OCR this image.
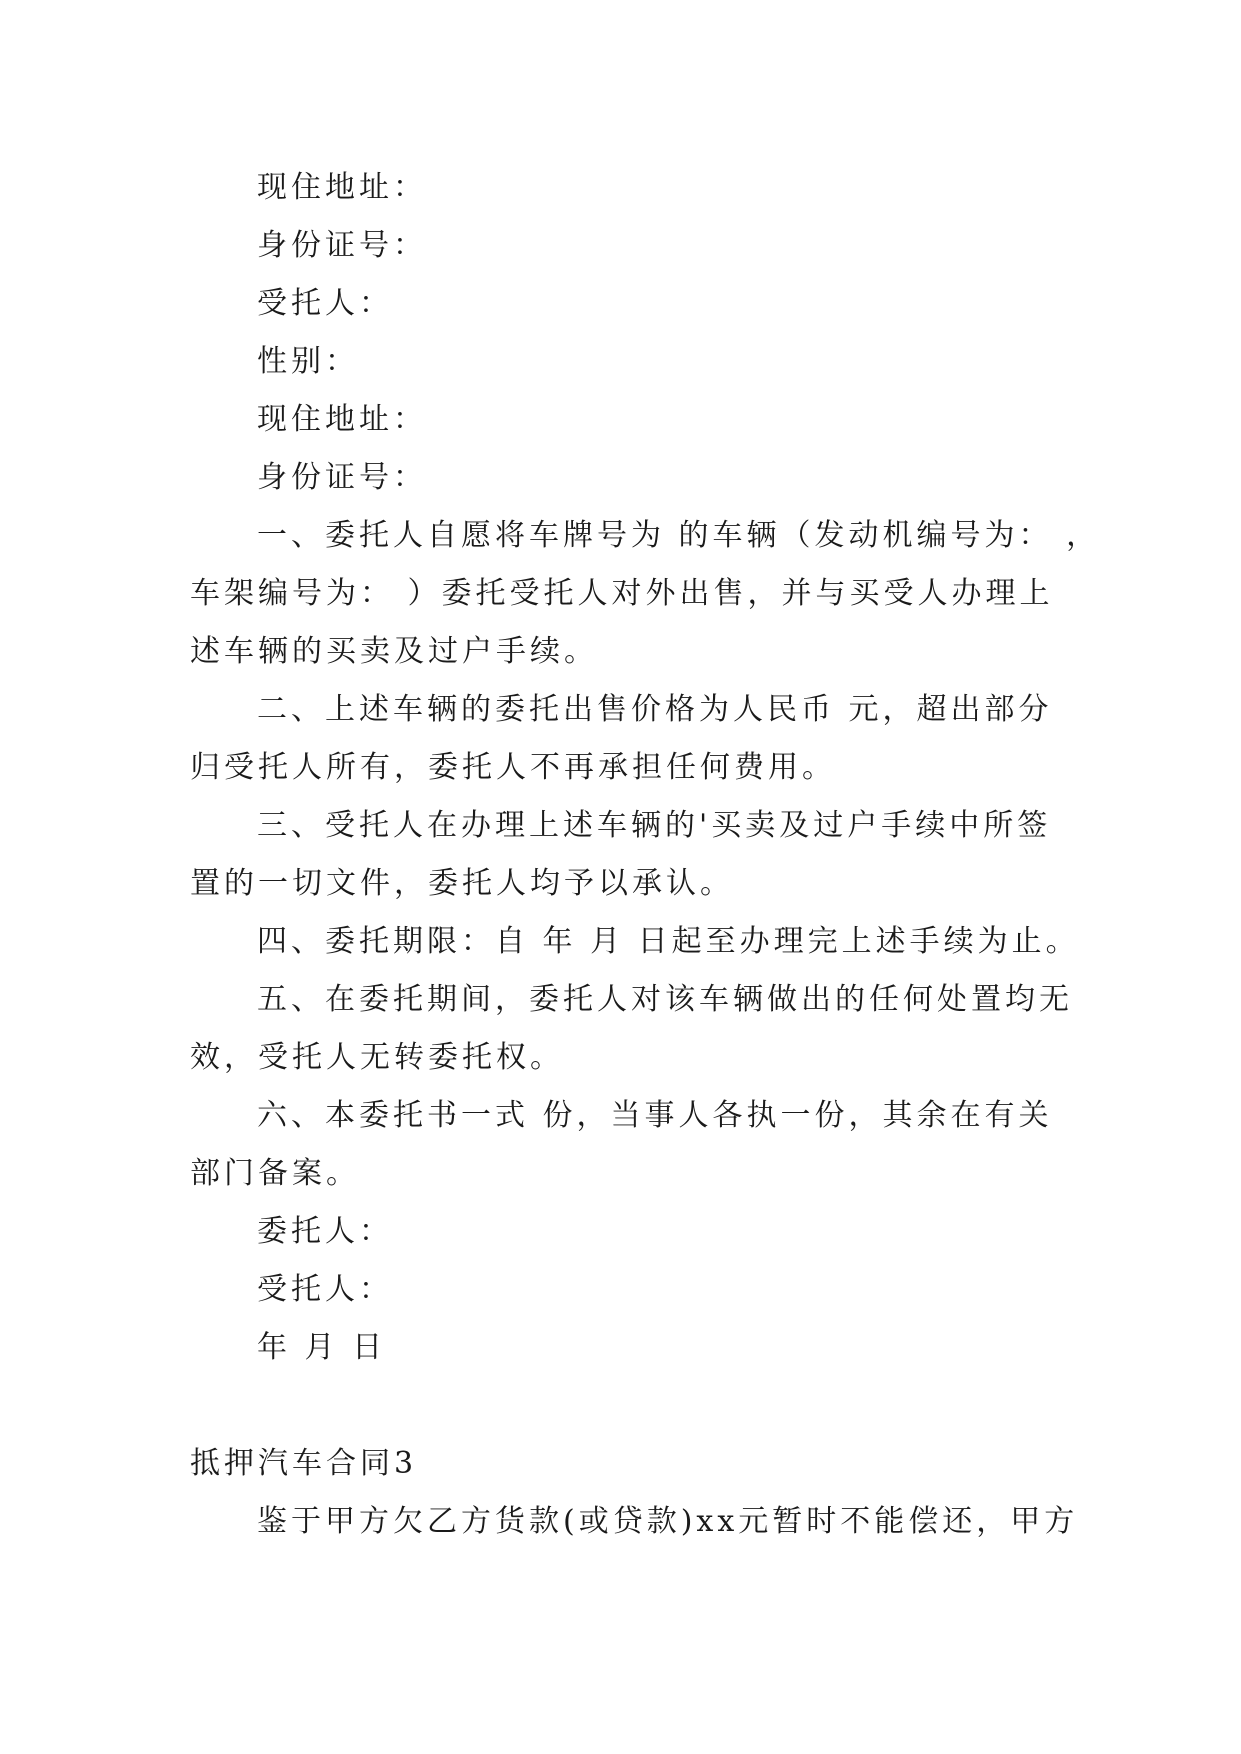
现住地址：
身份证号：
受托人：
性别：
现住地址：
身份证号：
一、委托人自愿将车牌号为 的车辆（发动机编号为： ，
车架编号为： ）委托受托人对外出售，并与买受人办理上
述车辆的买卖及过户手续。
二、上述车辆的委托出售价格为人民币 元，超出部分
归受托人所有，委托人不再承担任何费用。
三、受托人在办理上述车辆的'买卖及过户手续中所签
置的一切文件，委托人均予以承认。
四、委托期限：自 年 月 日起至办理完上述手续为止。
五、在委托期间，委托人对该车辆做出的任何处置均无
效，受托人无转委托权。
六、本委托书一式 份，当事人各执一份，其余在有关
部门备案。
委托人：
受托人：
年 月 日
抵押汽车合同3
鉴于甲方欠乙方货款(或贷款)xx元暂时不能偿还，甲方
